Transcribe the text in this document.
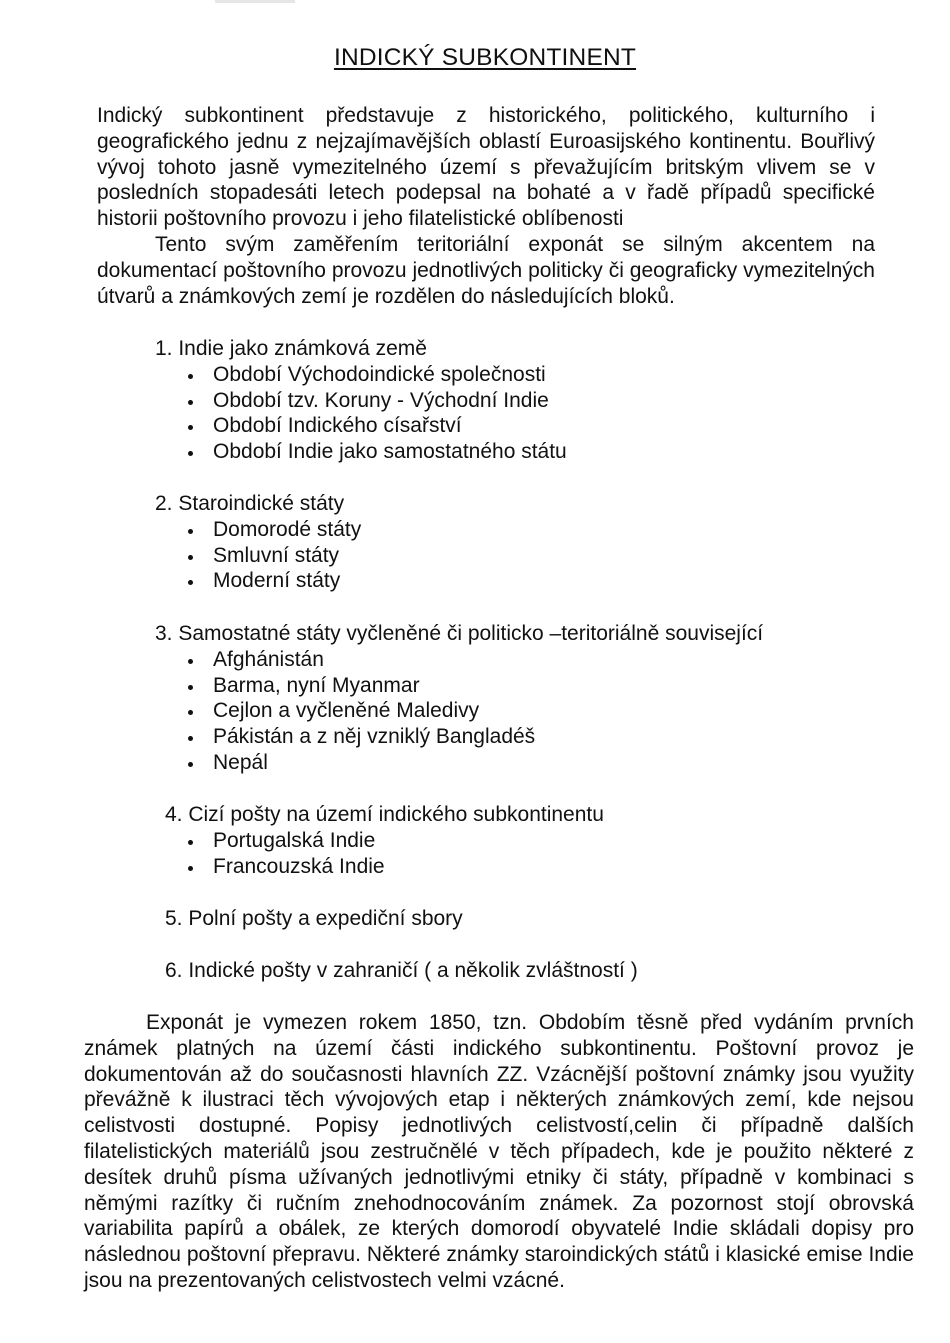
INDICKÝ SUBKONTINENT

Indický subkontinent představuje z historického, politického, kulturního i geografického jednu z nejzajímavějších oblastí Euroasijského kontinentu. Bouřlivý vývoj tohoto jasně vymezitelného území s převažujícím britským vlivem se v posledních stopadesáti letech podepsal na bohaté a v řadě případů specifické historii poštovního provozu i jeho filatelistické oblíbenosti

Tento svým zaměřením teritoriální exponát se silným akcentem na dokumentací poštovního provozu jednotlivých politicky či geograficky vymezitelných útvarů a známkových zemí je rozdělen do následujících bloků.

1. Indie jako známková země
Období Východoindické společnosti
Období tzv. Koruny - Východní Indie
Období Indického císařství
Období Indie jako samostatného státu
2. Staroindické státy
Domorodé státy
Smluvní státy
Moderní státy
3. Samostatné státy vyčleněné či politicko –teritoriálně související
Afghánistán
Barma, nyní Myanmar
Cejlon a vyčleněné Maledivy
Pákistán a z něj vzniklý Bangladéš
Nepál
4. Cizí pošty na území indického subkontinentu
Portugalská Indie
Francouzská Indie
5. Polní pošty a expediční sbory
6. Indické pošty v zahraničí ( a několik zvláštností )

Exponát je vymezen rokem 1850, tzn. Obdobím těsně před vydáním prvních známek platných na území části indického subkontinentu. Poštovní provoz je dokumentován až do současnosti hlavních ZZ. Vzácnější poštovní známky jsou využity převážně k ilustraci těch vývojových etap i některých známkových zemí, kde nejsou celistvosti dostupné. Popisy jednotlivých celistvostí,celin či případně dalších filatelistických materiálů jsou zestručnělé v těch případech, kde je použito některé z desítek druhů písma užívaných jednotlivými etniky či státy, případně v kombinaci s němými razítky či ručním znehodnocováním známek. Za pozornost stojí obrovská variabilita papírů a obálek, ze kterých domorodí obyvatelé Indie skládali dopisy pro následnou poštovní přepravu. Některé známky staroindických států i klasické emise Indie jsou na prezentovaných celistvostech velmi vzácné.
